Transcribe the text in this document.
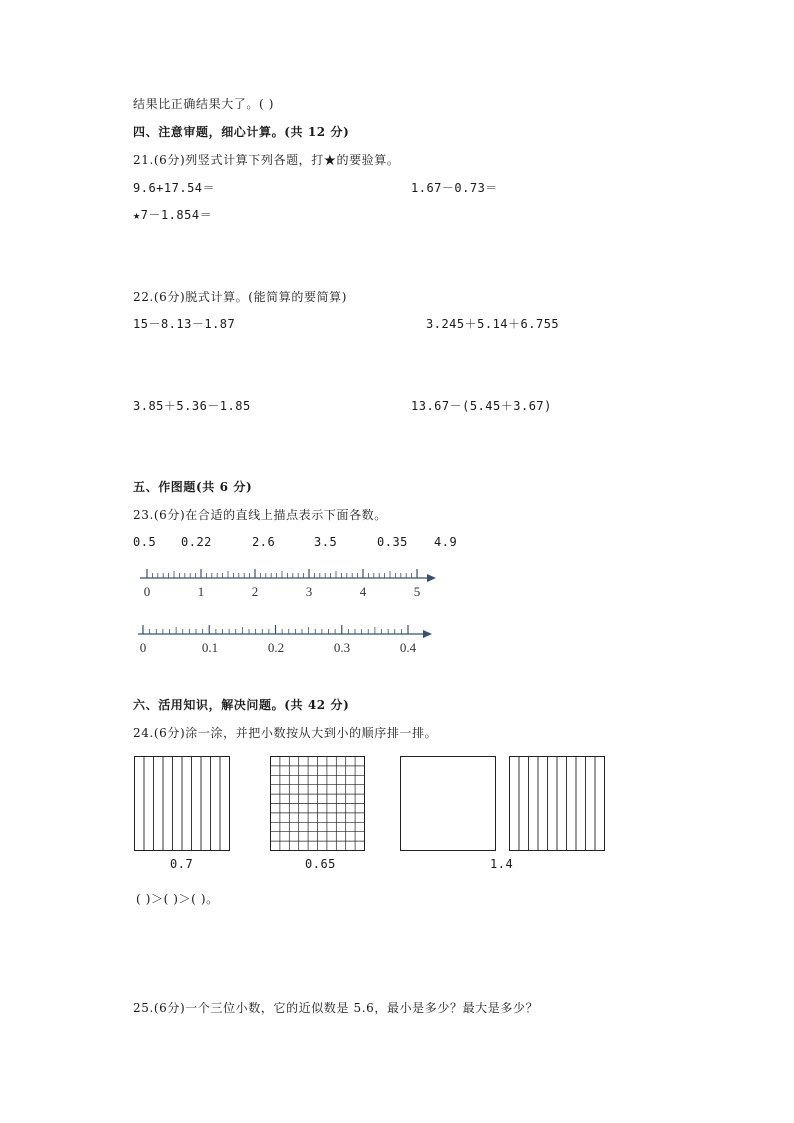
结果比正确结果大了。( )
四、注意审题，细心计算。(共 12 分)
21.(6分)列竖式计算下列各题，打★的要验算。
9.6+17.54＝	1.67－0.73＝
★7－1.854＝
22.(6分)脱式计算。(能简算的要简算)
15－8.13－1.87	3.245＋5.14＋6.755
3.85＋5.36－1.85	13.67－(5.45＋3.67)
五、作图题(共 6 分)
23.(6分)在合适的直线上描点表示下面各数。
0.5 0.22	2.6	3.5	0.35 4.9
0	1	2	3	4	5
0	0.1	0.2	0.3	0.4
六、活用知识，解决问题。(共 42 分)
24.(6分)涂一涂，并把小数按从大到小的顺序排一排。
0.7	0.65	1.4
( )＞( )＞( )。
25.(6分)一个三位小数，它的近似数是 5.6，最小是多少？最大是多少？
